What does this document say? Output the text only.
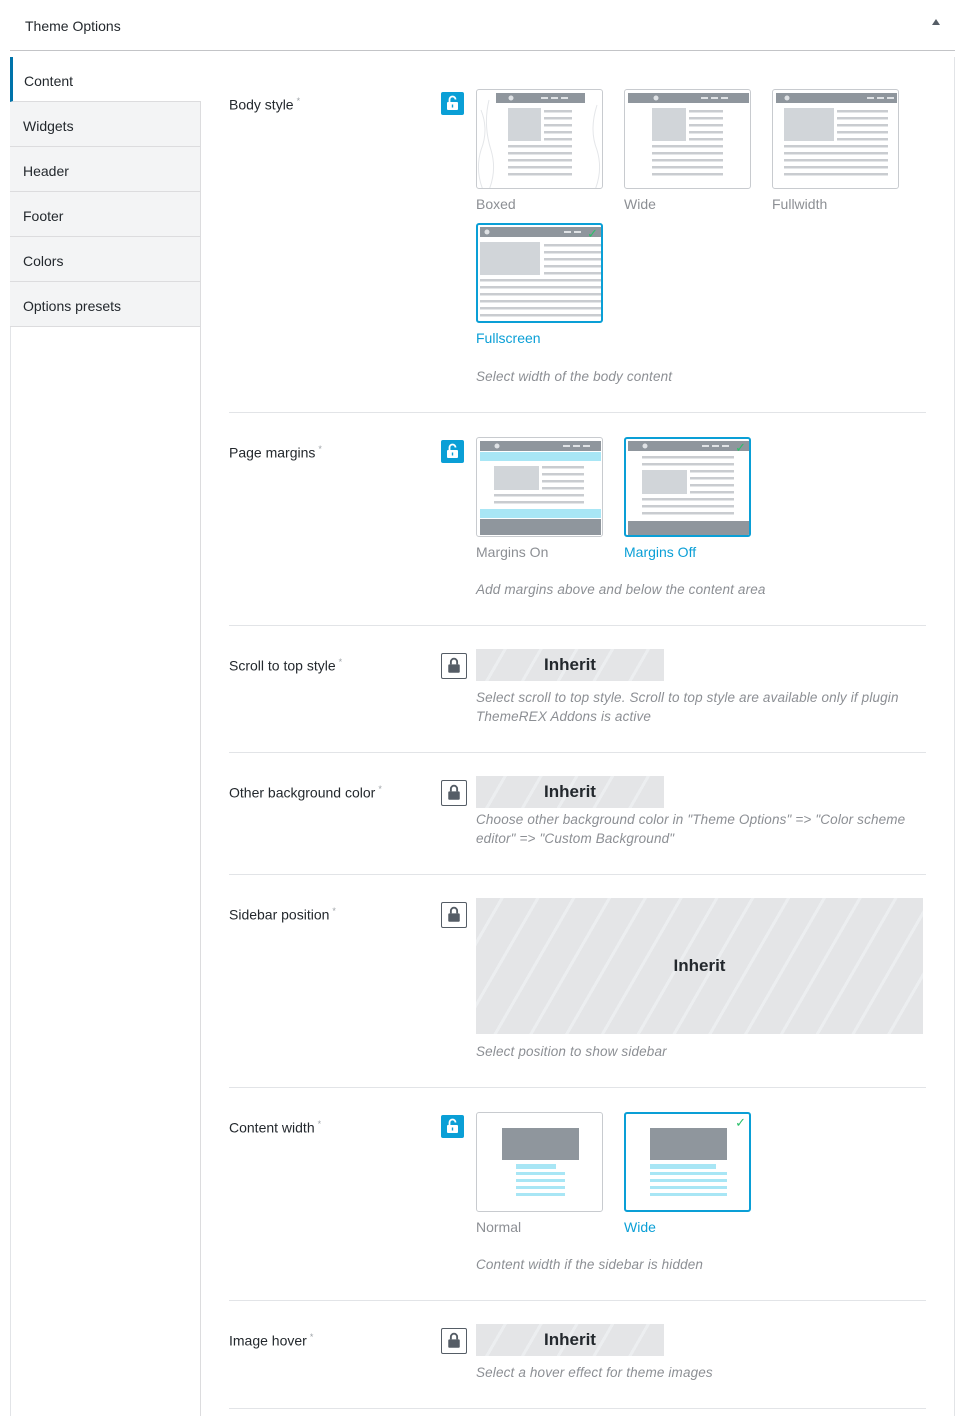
Theme Options
Content
Widgets
Header
Footer
Colors
Options presets
Body style *
Boxed	Wide	Fullwidth
✓
Fullscreen
Select width of the body content
Page margins *
Margins On
✓
Margins Off
Add margins above and below the content area
Scroll to top style *	Inherit
Select scroll to top style. Scroll to top style are available only if plugin ThemeREX Addons is active
Other background color *	Inherit
Choose other background color in "Theme Options" => "Color scheme editor" => "Custom Background"
Sidebar position *
Inherit
Select position to show sidebar
Content width *
Normal
✓
Wide
Content width if the sidebar is hidden
Image hover *	Inherit
Select a hover effect for theme images
